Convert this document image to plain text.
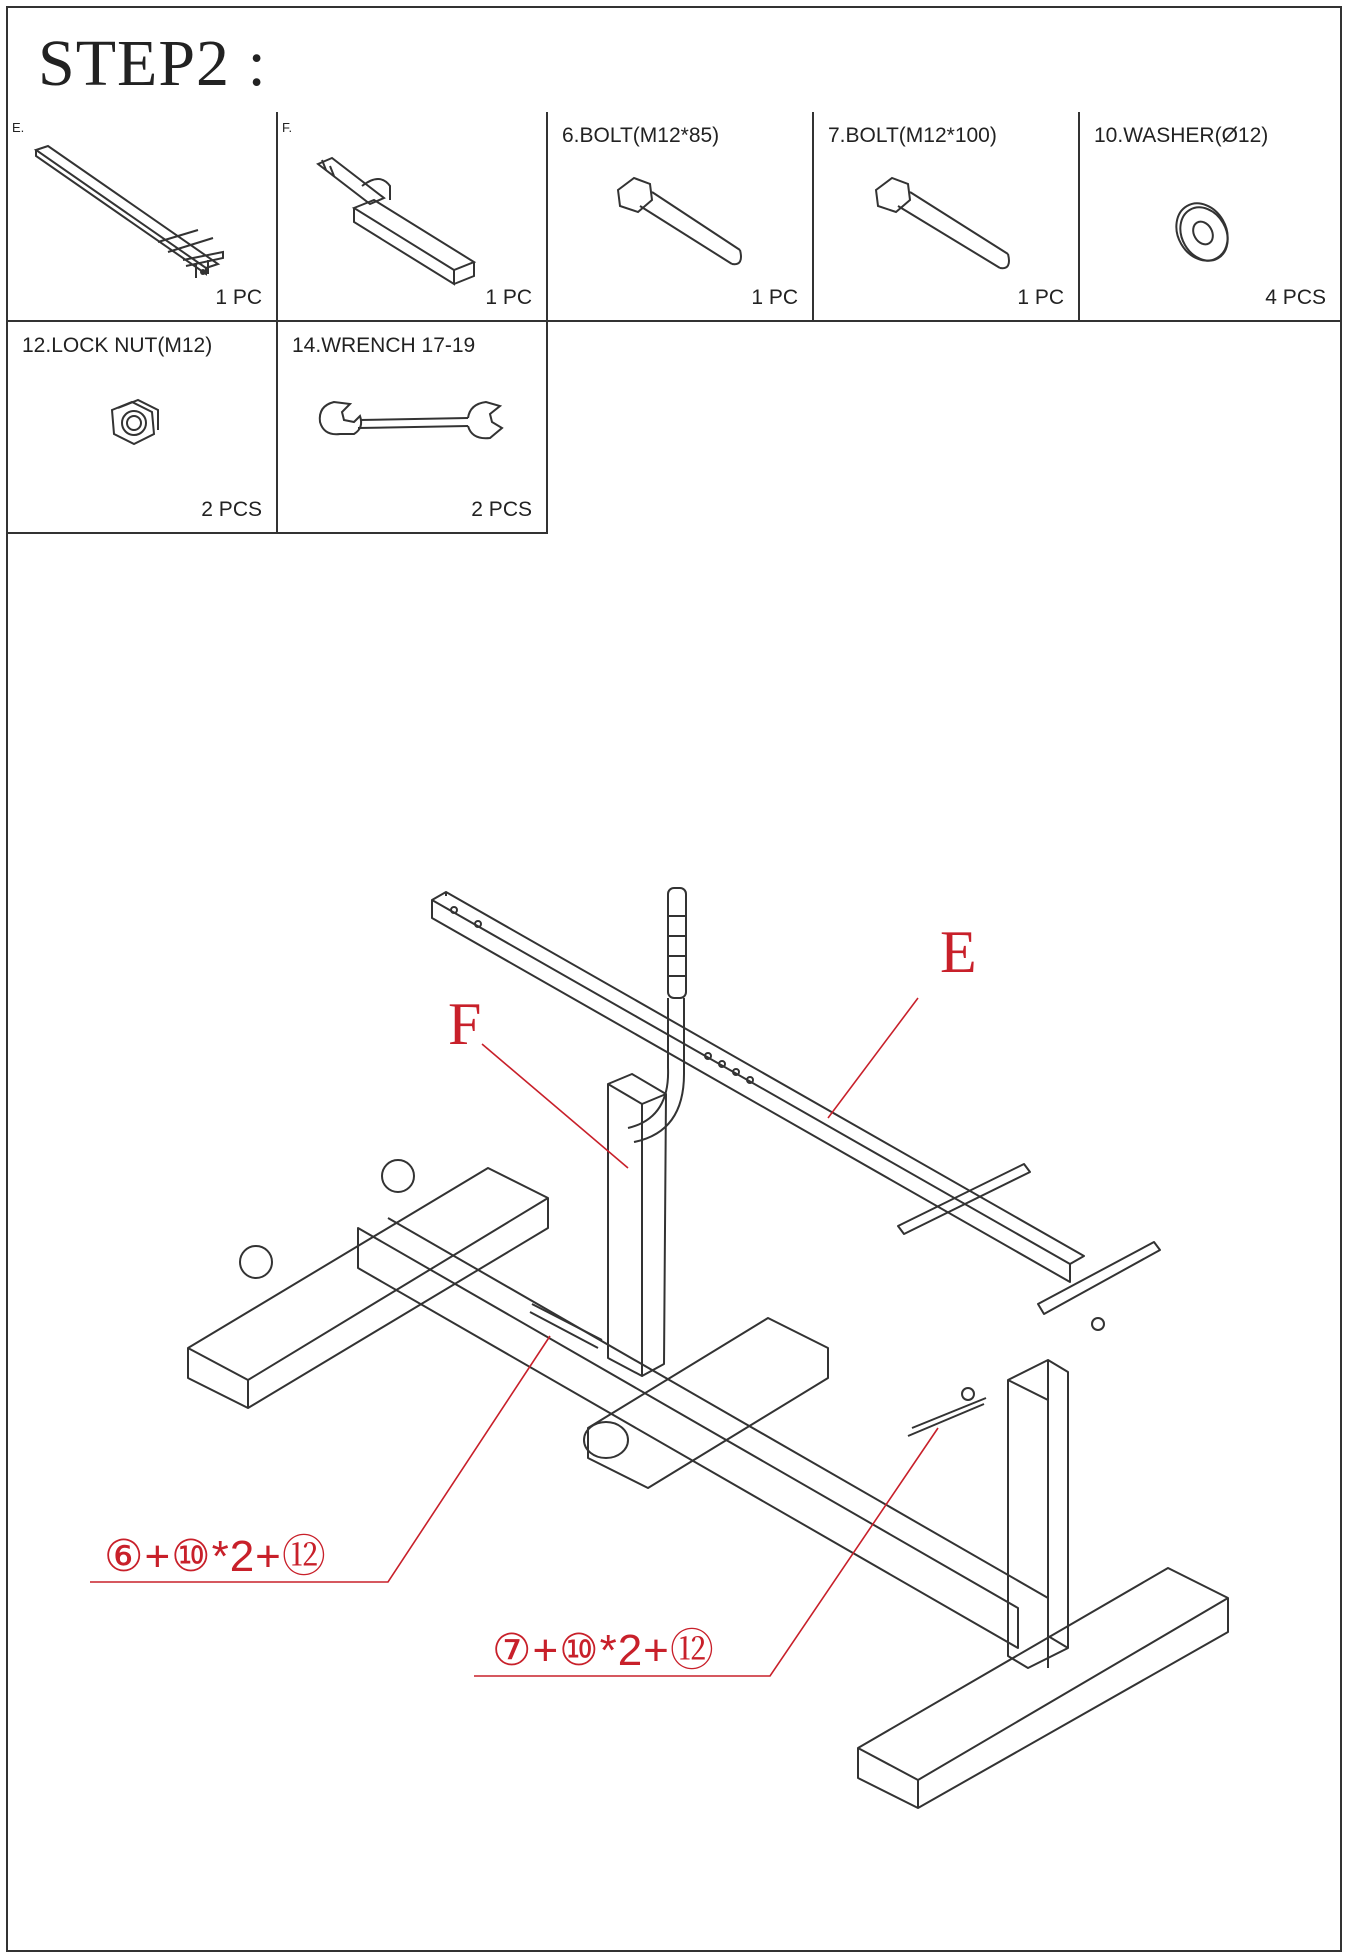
STEP2 :
E.
1 PC
F.
1 PC
6.BOLT(M12*85)
1 PC
7.BOLT(M12*100)
1 PC
10.WASHER(Ø12)
4 PCS
12.LOCK NUT(M12)
2 PCS
14.WRENCH 17-19
2 PCS
E
F
⑥+⑩*2+⑫
⑦+⑩*2+⑫
